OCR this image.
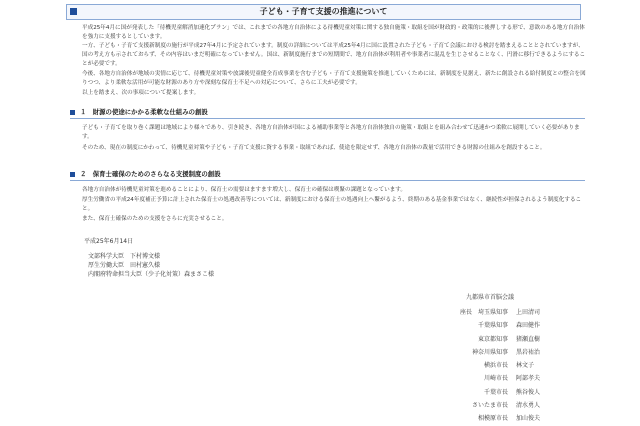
子ども・子育て支援の推進について
平成25年4月に国が発表した「待機児童解消加速化プラン」では、これまでの各地方自治体による待機児童対策に関する独自施策・取組を国が財政的・政策的に後押しする形で、意欲のある地方自治体を強力に支援するとしています。
一方、子ども・子育て支援新制度の施行が平成27年4月に予定されています。制度の詳細については平成25年4月に国に設置された子ども・子育て会議における検討を踏まえることとされていますが、国の考え方も示されておらず、その内容はいまだ明確になっていません。国は、新制度施行までの短期間で、地方自治体が利用者や事業者に混乱を生じさせることなく、円滑に移行できるようにすることが必要です。
今後、各地方自治体が地域の実情に応じて、待機児童対策や放課後児童健全育成事業を含む子ども・子育て支援施策を推進していくためには、新制度を見据え、新たに創設される給付制度との整合を図りつつ、より柔軟な活用が可能な財源のあり方や深刻な保育士不足への対応について、さらに工夫が必要です。
以上を踏まえ、次の事項について提案します。
１　財源の使途にかかる柔軟な仕組みの創設
子ども・子育てを取り巻く課題は地域により様々であり、引き続き、各地方自治体が国による補助事業等と各地方自治体独自の施策・取組とを組み合わせて迅速かつ柔軟に展開していく必要があります。
そのため、現在の制度にかわって、待機児童対策や子ども・子育て支援に資する事業・取組であれば、使途を限定せず、各地方自治体の裁量で活用できる財源の仕組みを創設すること。
２　保育士確保のためのさらなる支援制度の創設
各地方自治体が待機児童対策を進めることにより、保育士の需要はますます増大し、保育士の確保は喫緊の課題となっています。
厚生労働省の平成24年度補正予算に計上された保育士の処遇改善等については、新制度における保育士の処遇向上へ繋がるよう、終期のある基金事業ではなく、継続性が担保されるよう制度化すること。
また、保育士確保のための支援をさらに充実させること。
平成25年6月14日
文部科学大臣　下村博文様
厚生労働大臣　田村憲久様
内閣府特命担当大臣（少子化対策）森まさこ様
九都県市首脳会議
座長　埼玉県知事	上田清司
千葉県知事	森田健作
東京都知事	猪瀬直樹
神奈川県知事	黒岩祐治
横浜市長	林文子
川崎市長	阿部孝夫
千葉市長	熊谷俊人
さいたま市長	清水勇人
相模原市長	加山俊夫
